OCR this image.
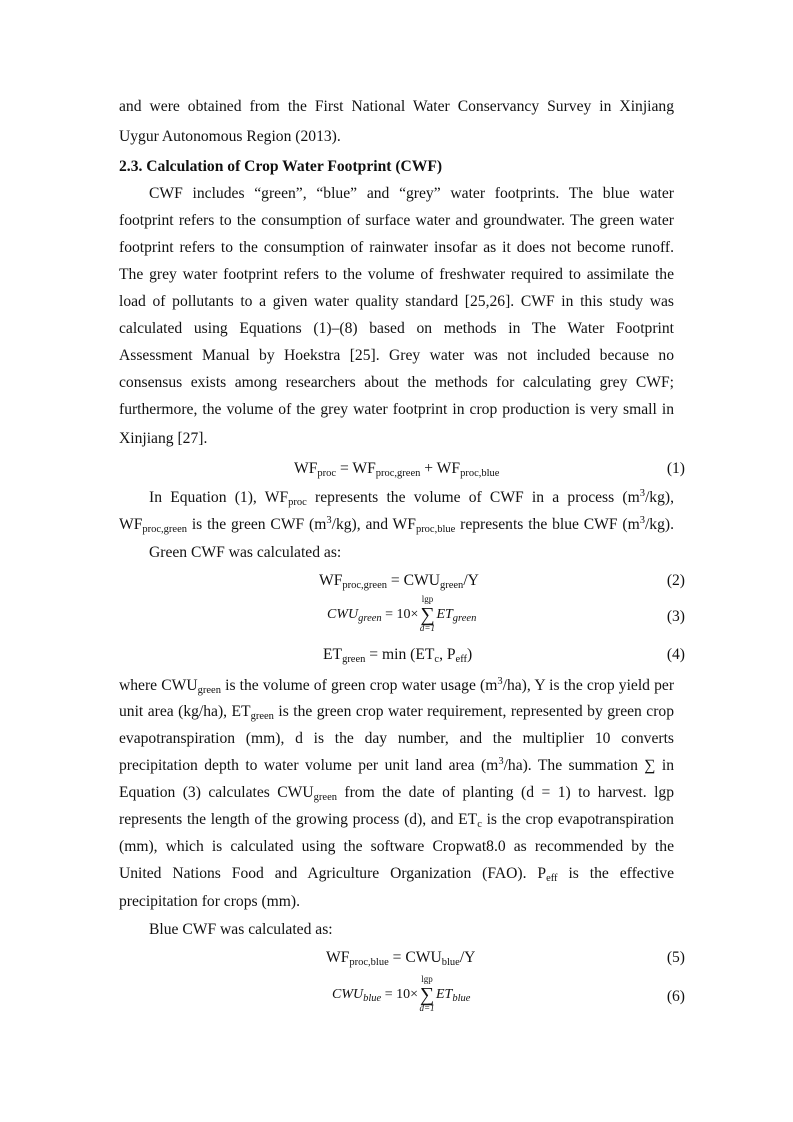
and were obtained from the First National Water Conservancy Survey in Xinjiang
Uygur Autonomous Region (2013).
2.3. Calculation of Crop Water Footprint (CWF)
CWF includes “green”, “blue” and “grey” water footprints. The blue water
footprint refers to the consumption of surface water and groundwater. The green water
footprint refers to the consumption of rainwater insofar as it does not become runoff.
The grey water footprint refers to the volume of freshwater required to assimilate the
load of pollutants to a given water quality standard [25,26]. CWF in this study was
calculated using Equations (1)–(8) based on methods in The Water Footprint
Assessment Manual by Hoekstra [25]. Grey water was not included because no
consensus exists among researchers about the methods for calculating grey CWF;
furthermore, the volume of the grey water footprint in crop production is very small in
Xinjiang [27].
$WF_{proc} = WF_{proc,green} + WF_{proc,blue}$	(1)
In Equation (1), $WF_{proc}$ represents the volume of CWF in a process $(m^3/kg)$,
$WF_{proc,green}$ is the green CWF $(m^3/kg)$, and $WF_{proc,blue}$ represents the blue CWF $(m^3/kg)$.
Green CWF was calculated as:
$WF_{proc,green} = CWU_{green}/Y$	(2)
$CWU_{green} = 10\times$
lgp
∑
d=1
$ET_{green}$	(3)
$ET_{green} = \min (ET_c$, $P_{eff}$)	(4)
where $CWU_{green}$ is the volume of green crop water usage $(m^3/ha)$, Y is the crop yield per
unit area (kg/ha), $ET_{green}$ is the green crop water requirement, represented by green crop
evapotranspiration (mm), d is the day number, and the multiplier 10 converts
precipitation depth to water volume per unit land area $(m^3/ha)$. The summation ∑ in
Equation (3) calculates $CWU_{green}$ from the date of planting (d = 1) to harvest. lgp
represents the length of the growing process (d), and $ET_c$ is the crop evapotranspiration
(mm), which is calculated using the software Cropwat8.0 as recommended by the
United Nations Food and Agriculture Organization (FAO). $P_{eff}$ is the effective
precipitation for crops (mm).
Blue CWF was calculated as:
$WF_{proc,blue} = CWU_{blue}/Y$	(5)
$CWU_{blue} = 10\times$
lgp
∑
d=1
$ET_{blue}$	(6)
